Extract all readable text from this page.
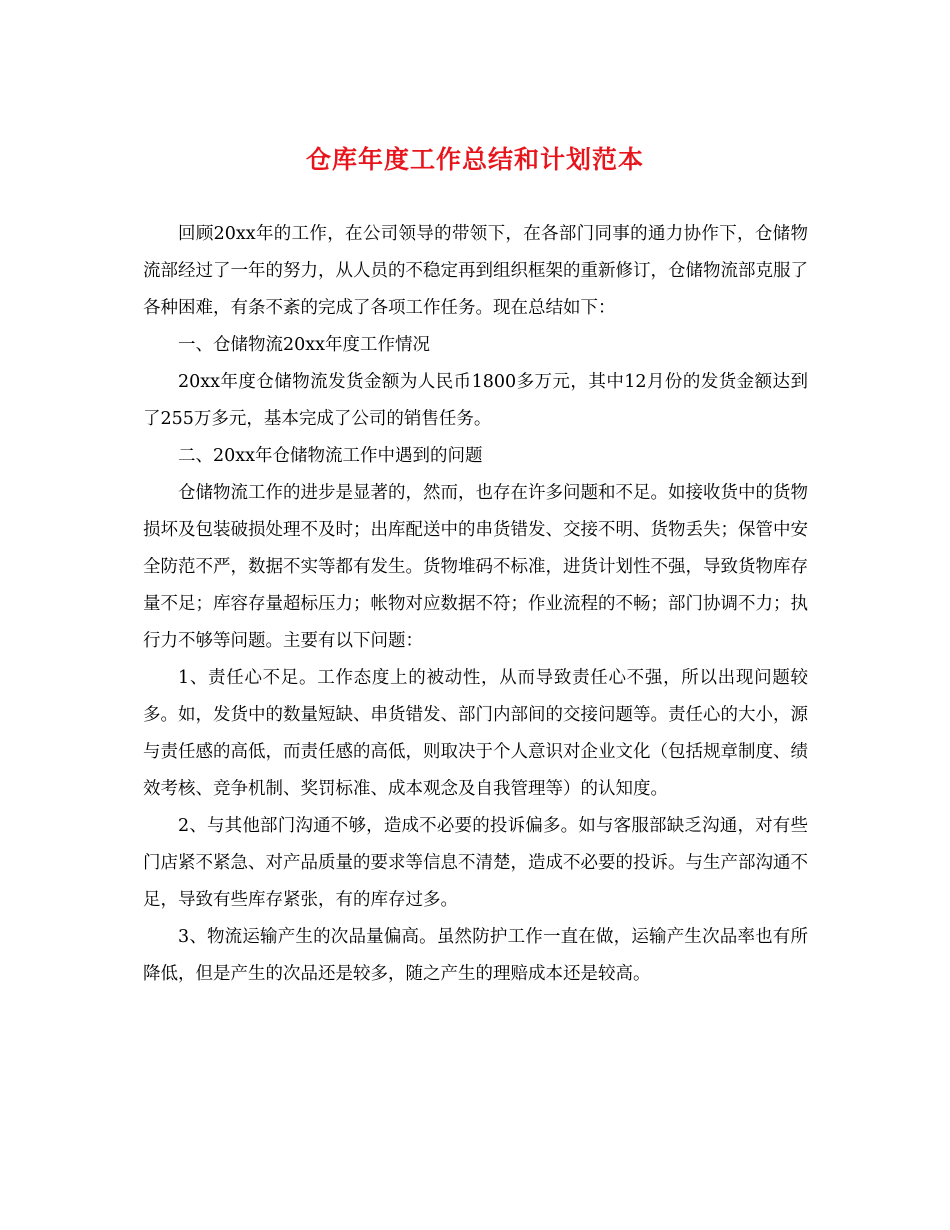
仓库年度工作总结和计划范本

回顾20xx年的工作，在公司领导的带领下，在各部门同事的通力协作下，仓储物流部经过了一年的努力，从人员的不稳定再到组织框架的重新修订，仓储物流部克服了各种困难，有条不紊的完成了各项工作任务。现在总结如下：

一、仓储物流20xx年度工作情况

20xx年度仓储物流发货金额为人民币1800多万元，其中12月份的发货金额达到了255万多元，基本完成了公司的销售任务。

二、20xx年仓储物流工作中遇到的问题

仓储物流工作的进步是显著的，然而，也存在许多问题和不足。如接收货中的货物损坏及包装破损处理不及时；出库配送中的串货错发、交接不明、货物丢失；保管中安全防范不严，数据不实等都有发生。货物堆码不标准，进货计划性不强，导致货物库存量不足；库容存量超标压力；帐物对应数据不符；作业流程的不畅；部门协调不力；执行力不够等问题。主要有以下问题：

1、责任心不足。工作态度上的被动性，从而导致责任心不强，所以出现问题较多。如，发货中的数量短缺、串货错发、部门内部间的交接问题等。责任心的大小，源与责任感的高低，而责任感的高低，则取决于个人意识对企业文化（包括规章制度、绩效考核、竞争机制、奖罚标准、成本观念及自我管理等）的认知度。

2、与其他部门沟通不够，造成不必要的投诉偏多。如与客服部缺乏沟通，对有些门店紧不紧急、对产品质量的要求等信息不清楚，造成不必要的投诉。与生产部沟通不足，导致有些库存紧张，有的库存过多。

3、物流运输产生的次品量偏高。虽然防护工作一直在做，运输产生次品率也有所降低，但是产生的次品还是较多，随之产生的理赔成本还是较高。
